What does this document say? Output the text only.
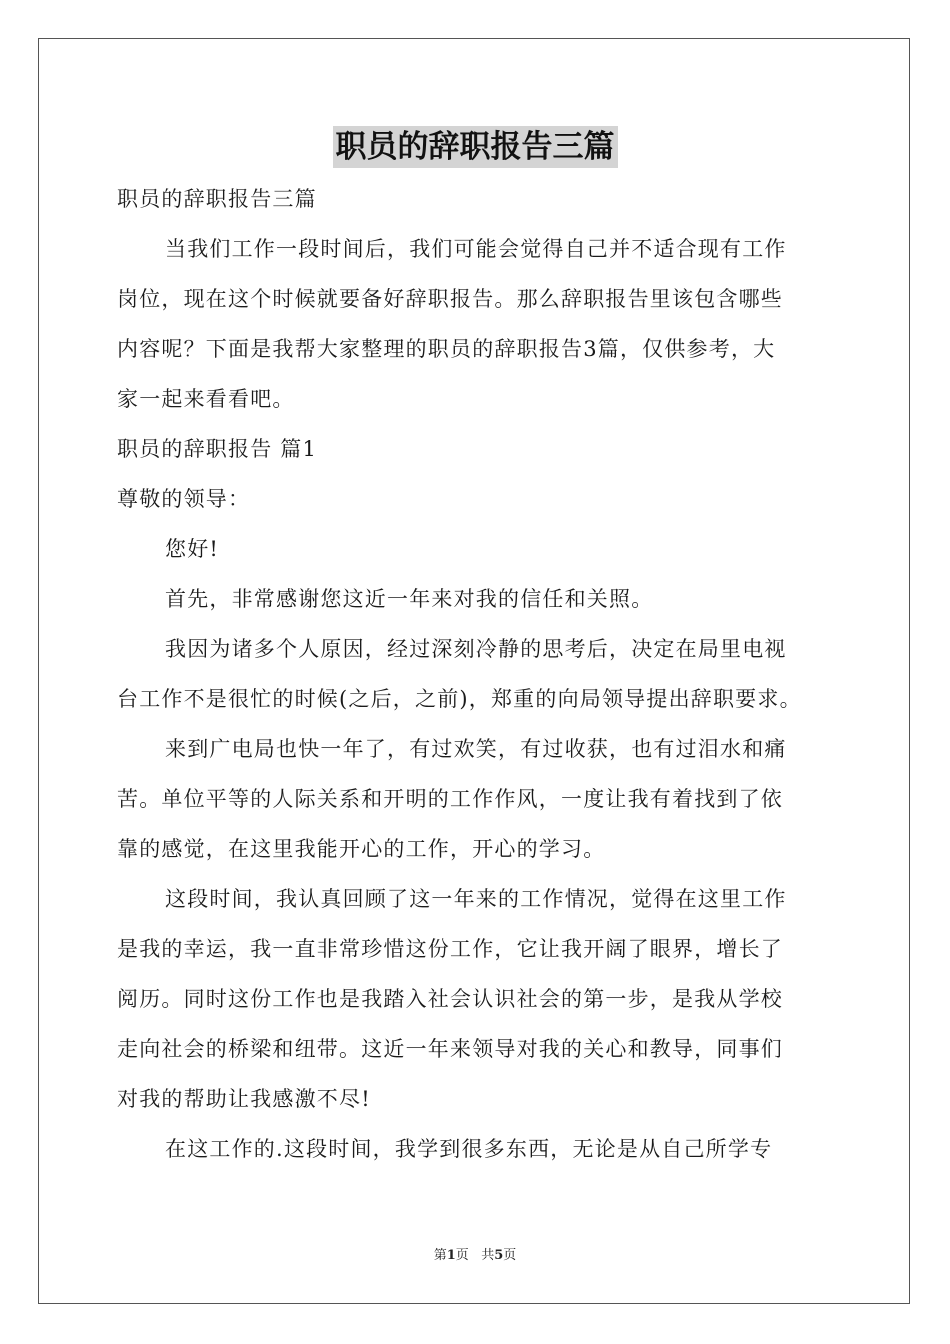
职员的辞职报告三篇
职员的辞职报告三篇
当我们工作一段时间后，我们可能会觉得自己并不适合现有工作
岗位，现在这个时候就要备好辞职报告。那么辞职报告里该包含哪些
内容呢？下面是我帮大家整理的职员的辞职报告3篇，仅供参考，大
家一起来看看吧。
职员的辞职报告 篇1
尊敬的领导：
您好!
首先，非常感谢您这近一年来对我的信任和关照。
我因为诸多个人原因，经过深刻冷静的思考后，决定在局里电视
台工作不是很忙的时候(之后，之前)，郑重的向局领导提出辞职要求。
来到广电局也快一年了，有过欢笑，有过收获，也有过泪水和痛
苦。单位平等的人际关系和开明的工作作风，一度让我有着找到了依
靠的感觉，在这里我能开心的工作，开心的学习。
这段时间，我认真回顾了这一年来的工作情况，觉得在这里工作
是我的幸运，我一直非常珍惜这份工作，它让我开阔了眼界，增长了
阅历。同时这份工作也是我踏入社会认识社会的第一步，是我从学校
走向社会的桥梁和纽带。这近一年来领导对我的关心和教导，同事们
对我的帮助让我感激不尽!
在这工作的.这段时间，我学到很多东西，无论是从自己所学专
第1页 共5页
